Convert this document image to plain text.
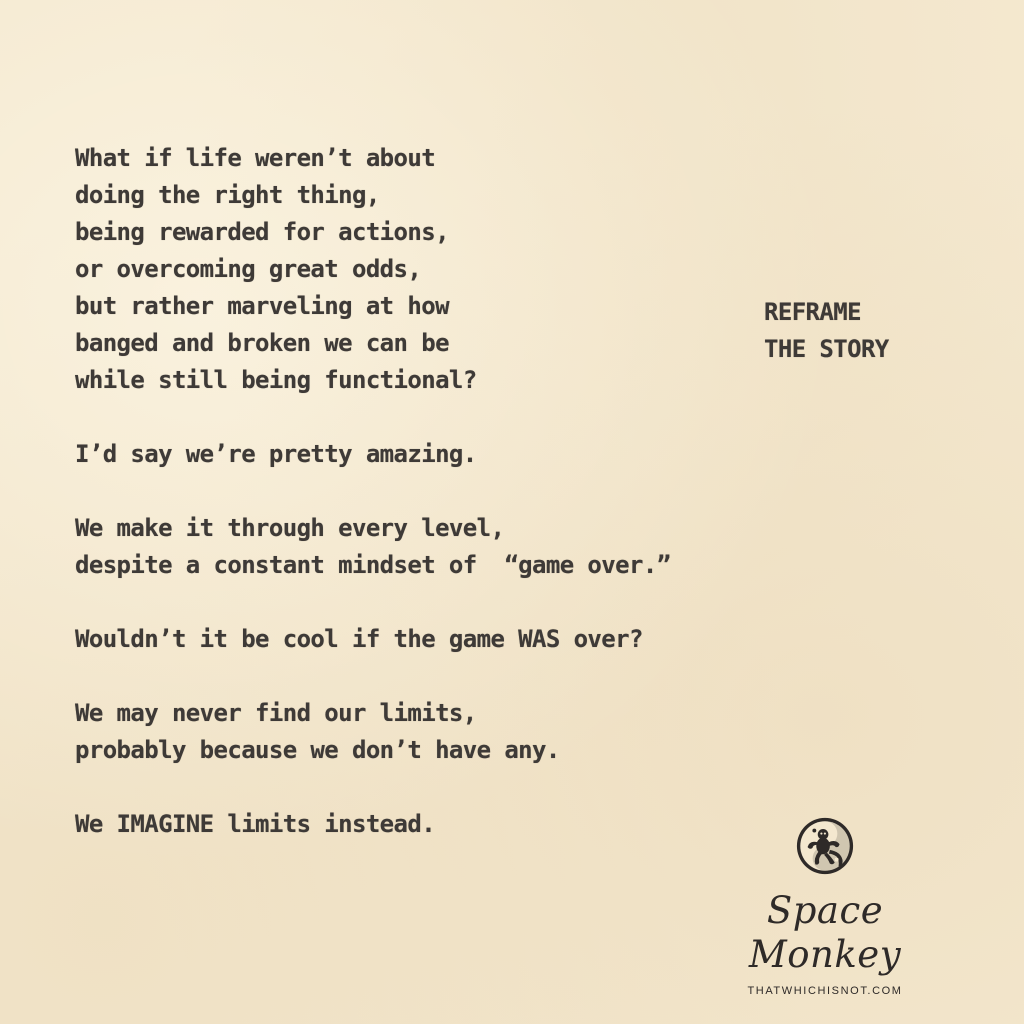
What if life weren’t about
doing the right thing,
being rewarded for actions,
or overcoming great odds,
but rather marveling at how
banged and broken we can be
while still being functional?
I’d say we’re pretty amazing.
We make it through every level,
despite a constant mindset of  “game over.”
Wouldn’t it be cool if the game WAS over?
We may never find our limits,
probably because we don’t have any.
We IMAGINE limits instead.
REFRAME
THE STORY
Space Monkey
THATWHICHISNOT.COM
